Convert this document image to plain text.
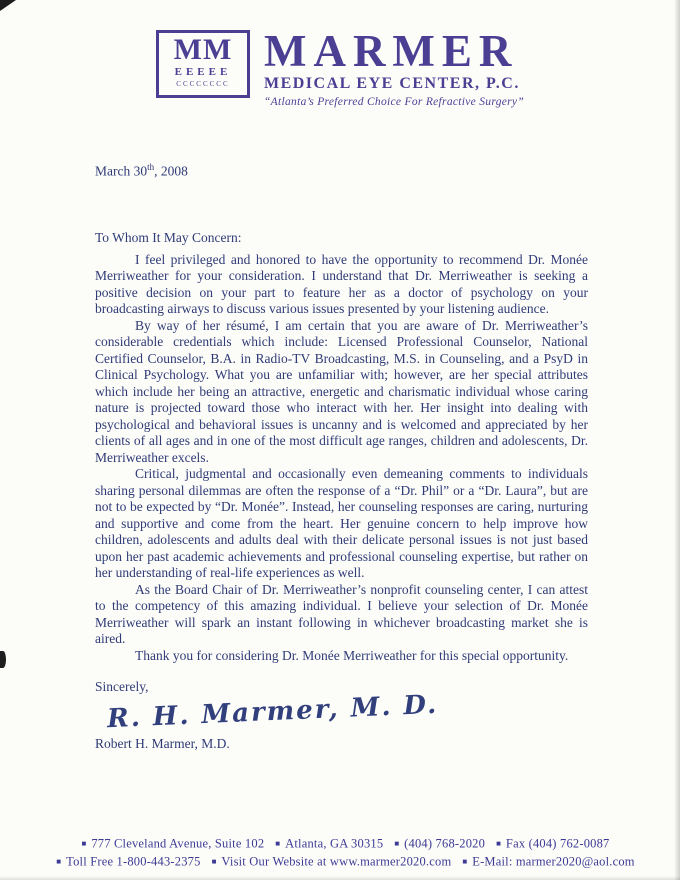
MM
EEEEE
CCCCCCCC
MARMER
MEDICAL EYE CENTER, P.C.
“Atlanta’s Preferred Choice For Refractive Surgery”
March 30th, 2008
To Whom It May Concern:

I feel privileged and honored to have the opportunity to recommend Dr. Monée Merriweather for your consideration. I understand that Dr. Merriweather is seeking a positive decision on your part to feature her as a doctor of psychology on your broadcasting airways to discuss various issues presented by your listening audience.

By way of her résumé, I am certain that you are aware of Dr. Merriweather’s considerable credentials which include: Licensed Professional Counselor, National Certified Counselor, B.A. in Radio-TV Broadcasting, M.S. in Counseling, and a PsyD in Clinical Psychology. What you are unfamiliar with; however, are her special attributes which include her being an attractive, energetic and charismatic individual whose caring nature is projected toward those who interact with her. Her insight into dealing with psychological and behavioral issues is uncanny and is welcomed and appreciated by her clients of all ages and in one of the most difficult age ranges, children and adolescents, Dr. Merriweather excels.

Critical, judgmental and occasionally even demeaning comments to individuals sharing personal dilemmas are often the response of a “Dr. Phil” or a “Dr. Laura”, but are not to be expected by “Dr. Monée”. Instead, her counseling responses are caring, nurturing and supportive and come from the heart. Her genuine concern to help improve how children, adolescents and adults deal with their delicate personal issues is not just based upon her past academic achievements and professional counseling expertise, but rather on her understanding of real-life experiences as well.

As the Board Chair of Dr. Merriweather’s nonprofit counseling center, I can attest to the competency of this amazing individual. I believe your selection of Dr. Monée Merriweather will spark an instant following in whichever broadcasting market she is aired.

Thank you for considering Dr. Monée Merriweather for this special opportunity.

Sincerely,
R. H. Marmer, M. D.
Robert H. Marmer, M.D.
■ 777 Cleveland Avenue, Suite 102 ■ Atlanta, GA 30315 ■ (404) 768-2020 ■ Fax (404) 762-0087
■ Toll Free 1-800-443-2375 ■ Visit Our Website at www.marmer2020.com ■ E-Mail: marmer2020@aol.com
